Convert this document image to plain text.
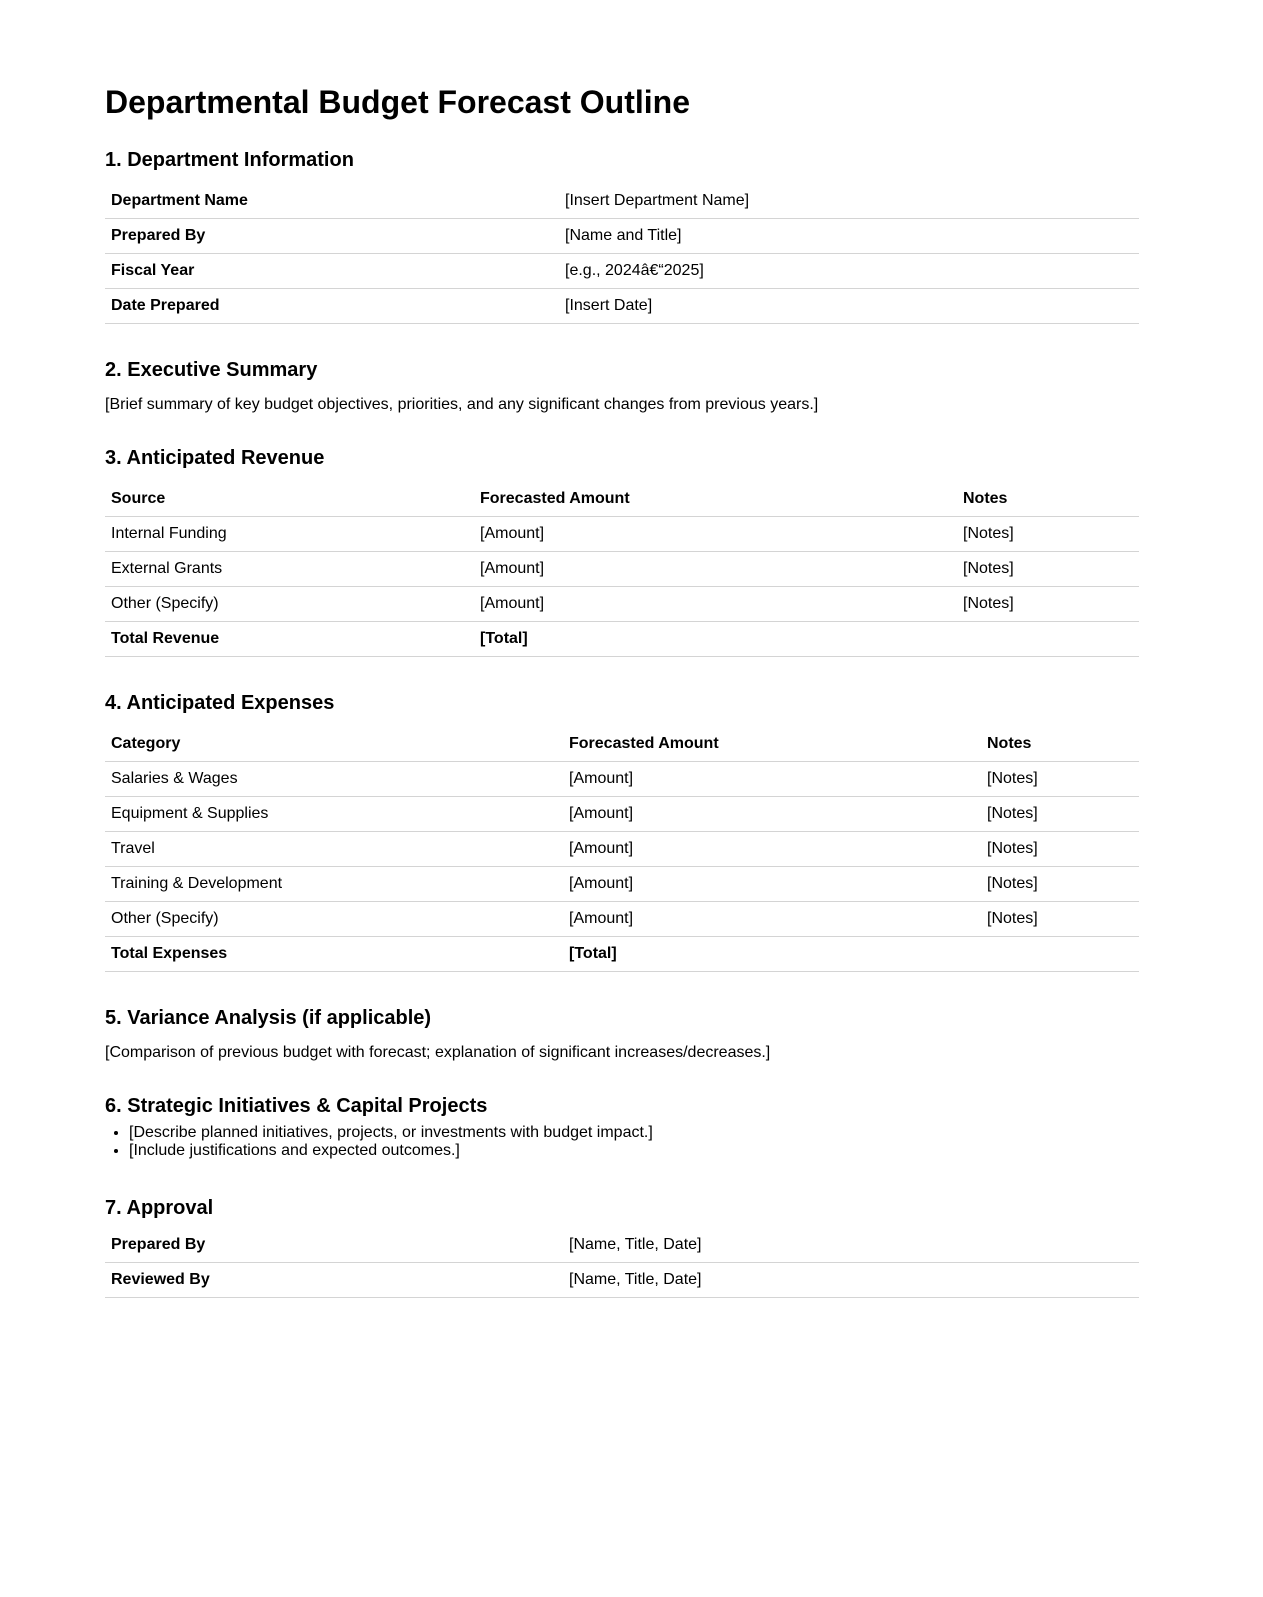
Departmental Budget Forecast Outline
1. Department Information
Department Name	[Insert Department Name]
Prepared By	[Name and Title]
Fiscal Year	[e.g., 2024â€“2025]
Date Prepared	[Insert Date]
2. Executive Summary

[Brief summary of key budget objectives, priorities, and any significant changes from previous years.]

3. Anticipated Revenue
Source	Forecasted Amount	Notes
Internal Funding	[Amount]	[Notes]
External Grants	[Amount]	[Notes]
Other (Specify)	[Amount]	[Notes]
Total Revenue	[Total]	
4. Anticipated Expenses
Category	Forecasted Amount	Notes
Salaries & Wages	[Amount]	[Notes]
Equipment & Supplies	[Amount]	[Notes]
Travel	[Amount]	[Notes]
Training & Development	[Amount]	[Notes]
Other (Specify)	[Amount]	[Notes]
Total Expenses	[Total]	
5. Variance Analysis (if applicable)

[Comparison of previous budget with forecast; explanation of significant increases/decreases.]

6. Strategic Initiatives & Capital Projects
• [Describe planned initiatives, projects, or investments with budget impact.]
• [Include justifications and expected outcomes.]
7. Approval
Prepared By	[Name, Title, Date]
Reviewed By	[Name, Title, Date]
